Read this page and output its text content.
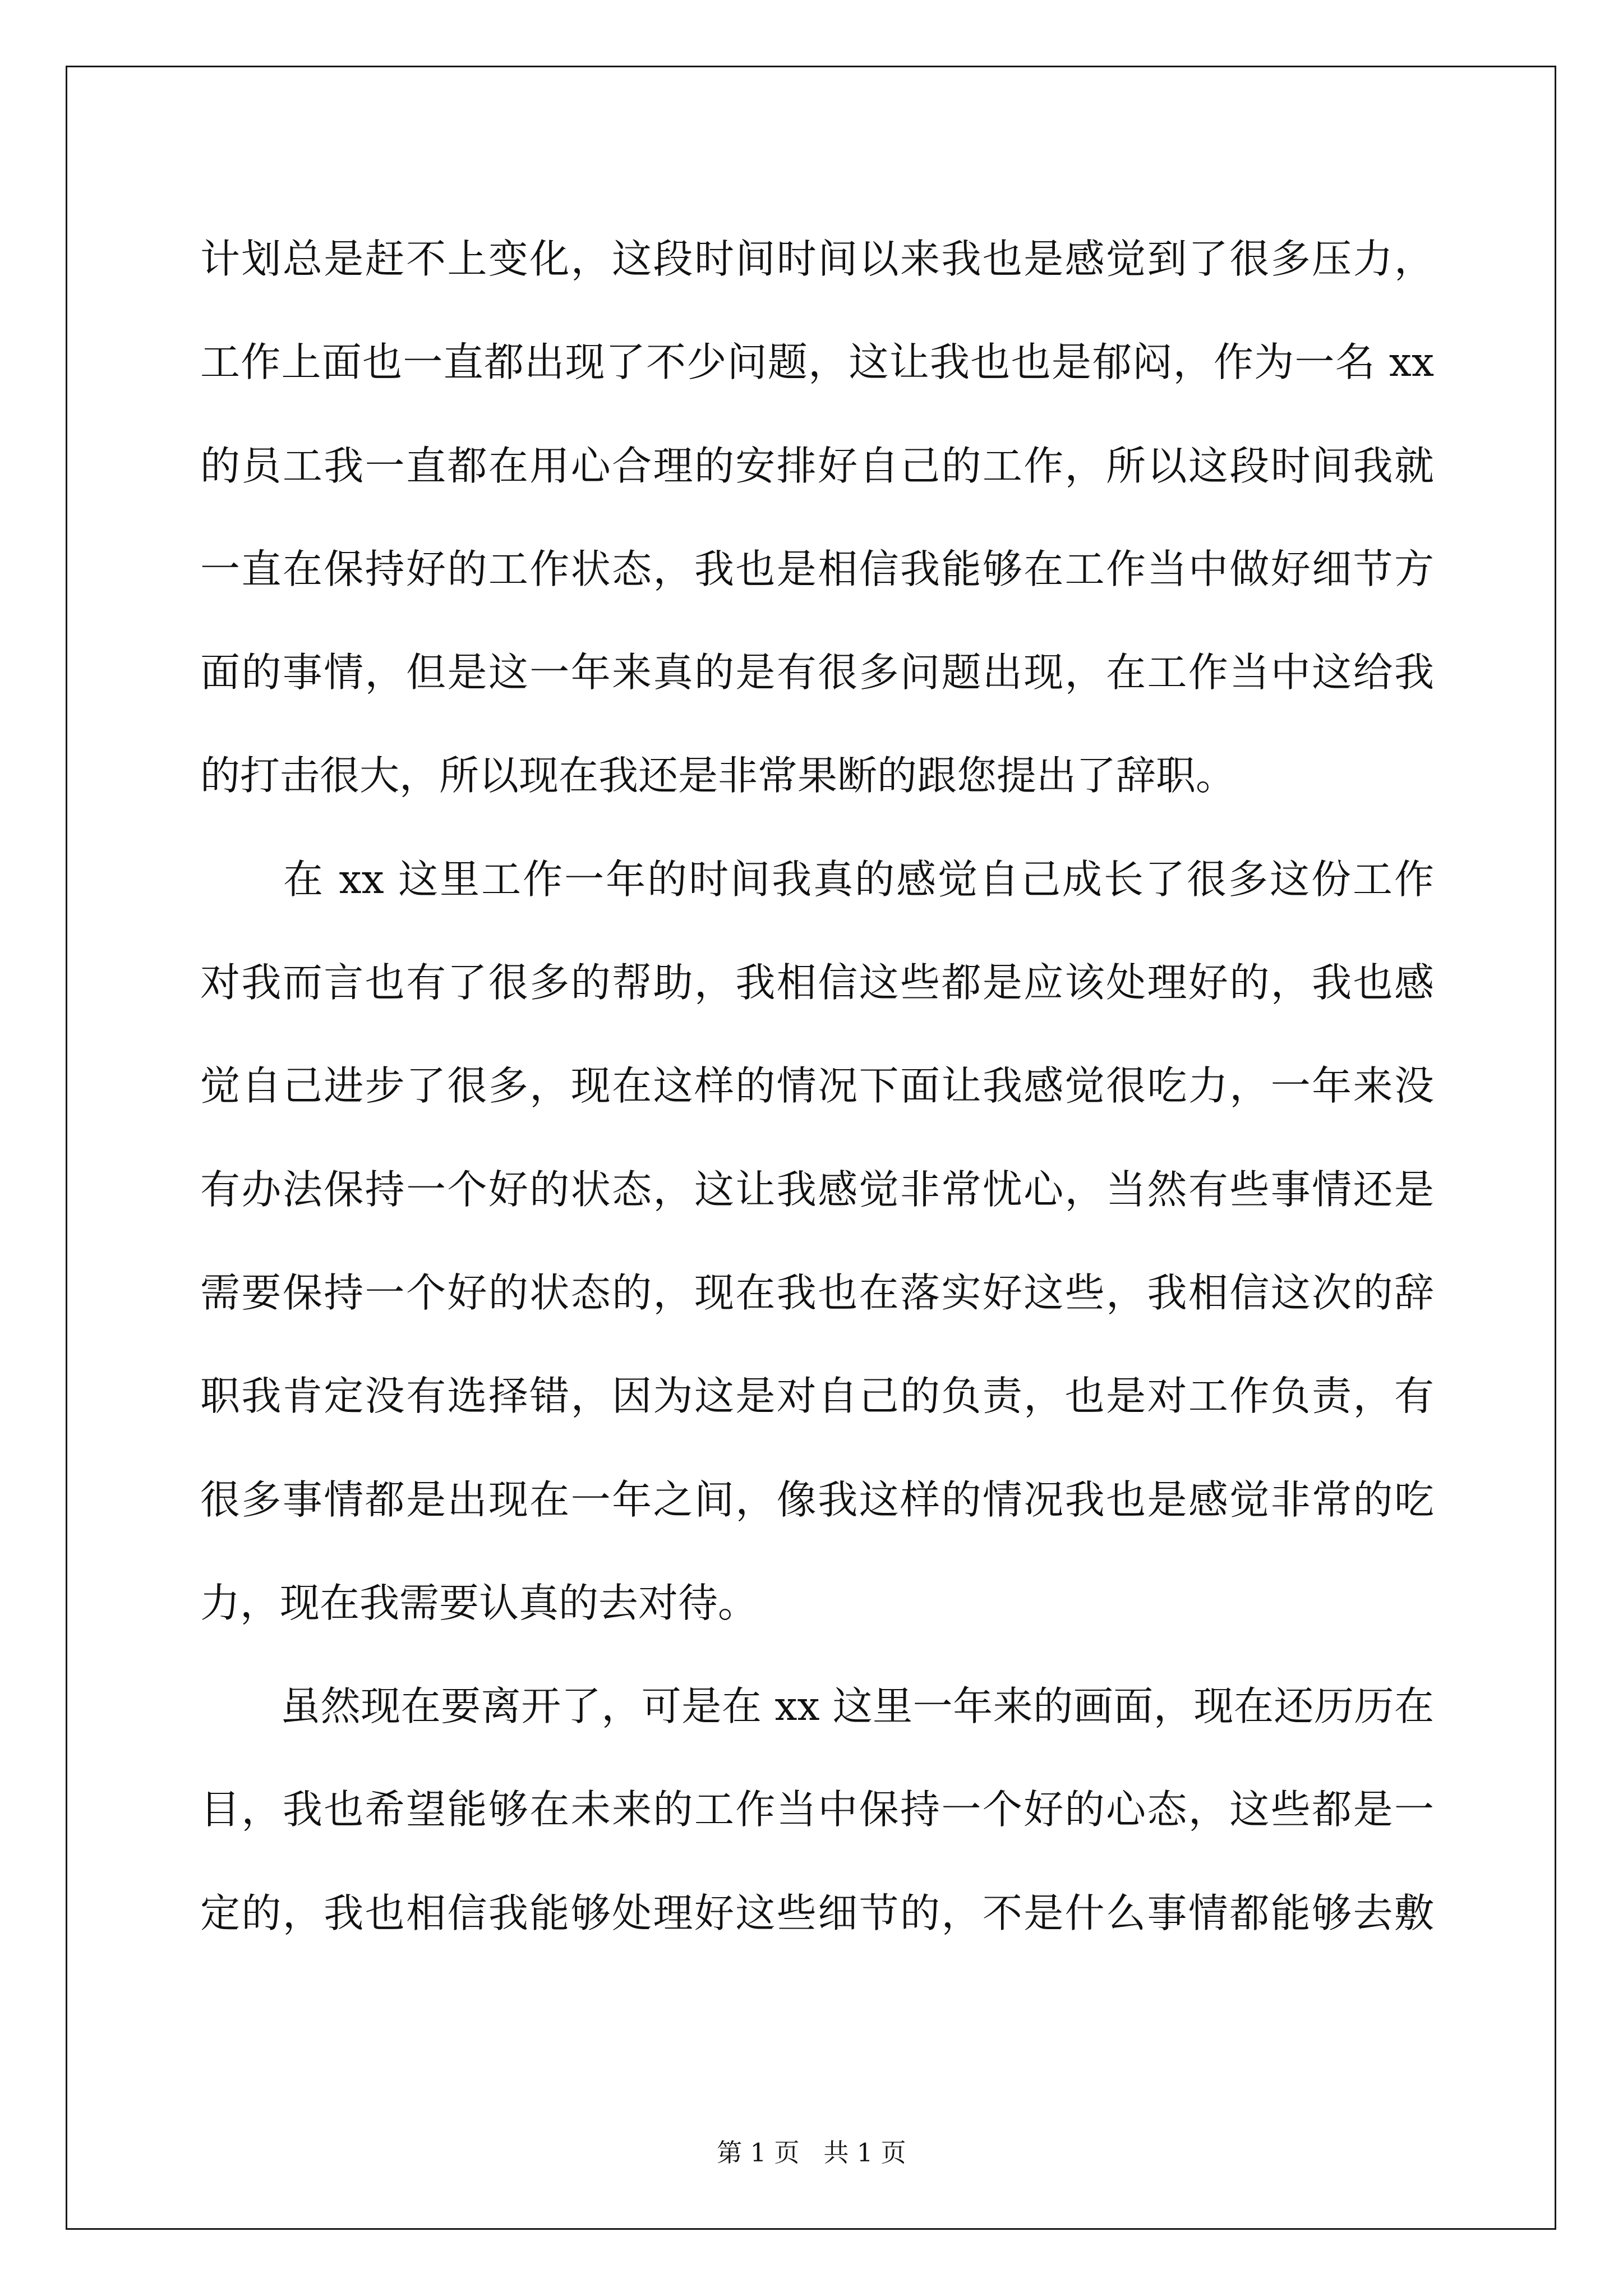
计划总是赶不上变化，这段时间时间以来我也是感觉到了很多压力，
工作上面也一直都出现了不少问题，这让我也也是郁闷，作为一名 xx
的员工我一直都在用心合理的安排好自己的工作，所以这段时间我就
一直在保持好的工作状态，我也是相信我能够在工作当中做好细节方
面的事情，但是这一年来真的是有很多问题出现，在工作当中这给我
的打击很大，所以现在我还是非常果断的跟您提出了辞职。
　　在 xx 这里工作一年的时间我真的感觉自己成长了很多这份工作
对我而言也有了很多的帮助，我相信这些都是应该处理好的，我也感
觉自己进步了很多，现在这样的情况下面让我感觉很吃力，一年来没
有办法保持一个好的状态，这让我感觉非常忧心，当然有些事情还是
需要保持一个好的状态的，现在我也在落实好这些，我相信这次的辞
职我肯定没有选择错，因为这是对自己的负责，也是对工作负责，有
很多事情都是出现在一年之间，像我这样的情况我也是感觉非常的吃
力，现在我需要认真的去对待。
　　虽然现在要离开了，可是在 xx 这里一年来的画面，现在还历历在
目，我也希望能够在未来的工作当中保持一个好的心态，这些都是一
定的，我也相信我能够处理好这些细节的，不是什么事情都能够去敷
第 1 页   共 1 页
